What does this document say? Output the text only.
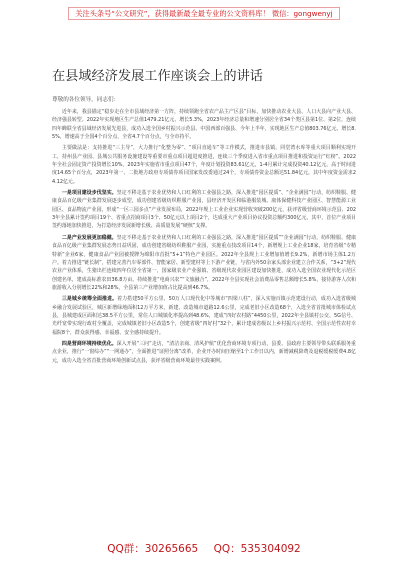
关注头条号“公文研究”，获得最新最全最专业的公文资料库！ 微信：gongwenyj
在县域经济发展工作座谈会上的讲话

尊敬的各位领导，同志们：

近年来，我县锚定“稳步走在全市县域经济第一方阵，持续领跑全省农产品主产区县”目标，加快推动农业大县、人口大县向产业大县、经济强县转型。2022年实现地区生产总值1479.21亿元、增长5.3%，2023年经济总量和增速分别居全省34个类区县第1位、第2位，连续四年蝉联全省县域经济发展先进县，成功入选全国乡村振兴示范县、中国西部百强县、今年上半年，实现地区生产总值803.76亿元、增长8.5%，增速高于全国4个百分点，全省4.7个百分点，与全市持平。

主要做法是：支持推进“三主导”，大力推行“化整为零”、“项目直通车”等工作模式，推进市县镇、同堂湾水库等重大项目顺利实现开工，持州县产业园、县城公共服务设施建设等重要市重点项目超进度推进，连续三个季度进入省市重点项目推进和投资运行“红榜”。2022年全社会固定资产投资增长10%，2023年实施省市重点项目47个，年度计划投资83.61亿元，1-4月累计完成投资40.12亿元，高于时间进度14.65个百分点，2023年第一、二批地方政府专项债券项目国家发改委通过24个，专项债券资金总额达51.84亿元，其中年度资金需求24.12亿元。

一是项目建设步伐坚实。坚定不移走基于农业优势和人口红利的工业强县之路，深入推进“园区提质”、“企业满园”行动，纺织鞋服、健康食品百亿级产业集群发展逐步成型，成功创建省级纺织鞋服产业园，县经济开发区和临港服装城、康体保健科技产业园区、智慧能源工业园区、食品物流产业园，形成“一区三园多点”产业发展布局，2022年规上工业企业实现营收突破200亿元，获评省级营商环境示范县、2023年全县累计签约项目19个、省重点招商项目3个、50亿元以上项目2个，达成重大产业项目协议投资总额约300亿元，其中，首位产业项目签约落地加快推进，为打造经济发展新增长极、高质量发展“硬核”支撑。

二是产业发展更加稳健。坚定不移走基于农业优势和人口红利的工业强县之路，深入推进“园区提质”“企业满园”行动，纺织鞋服、健康食品百亿级产业集群发展态势日益巩固，成功创建省级纺织鞋服产业园，实施重点技改项目14个，新增规上工业企业18家，培育省级“专精特新”企业6家，健康食品产业园被授牌为绵阳市首批“5+1”特色产业园区。2022年全县规上工业增加值增长9.2%，新增市场主体1.2万户。着力推进“链长制”，搭建完善汽车零部件、智能家居、新型建材等上下游产业链，与省内外50余家头部企业建立合作关系，“3+2”现代农业产业体系，生猪出栏连续四年位居全省第一，国家级农业产业强镇、省级现代农业园区建设加快推进，成功入选全国农业现代化示范区创建名单，建成高标准农田36.8万亩。持续推进“电商兴农”“文旅融合”，2022年全县实现社会消费品零售总额增长5.8%，接待游客人次和旅游收入分别增长22%和28%，全县第三产业增加值占比提高到46.7%。

三是城乡统筹全面推进。着力搭建50平方公里、50万人口现代化中等城市“四梁八柱”，深入实施百镇示范建设行动，成功入选省级城乡融合发展试验区，城区新增绿地面积12万平方米，新建、改造城市道路12.6公里，完成老旧小区改造68个，入选全省首批城市体检试点县，县城建成区面积达38.5平方公里，常住人口城镇化率提高到48.6%，建成“四好农村路”4450公里，2022年全县镇村公交、5G信号、光纤宽带实现行政村全覆盖，完成城镇老旧小区改造5个，创建省级“四好村”32个，累计建成省级以上乡村振兴示范村、全国示范性农村幸福院8个，群众获得感、幸福感、安全感持续提升。

四是营商环境持续优化。深入开展“三问”走访，“清洁亲商、清风护航”优化营商环境专项行动，县委、县政府主要领导带头联系服务重点企业，推行“一窗综办”“一网通办”，全面推进“证照分离”改革，企业开办时间压缩至1个工作日以内，新增减税降费及退税缓税缓费4.8亿元，成功入选全省首批营商环境创新试点县，获评省级营商环境最佳实践案例。

QQ群：30265665 QQ：535304092
